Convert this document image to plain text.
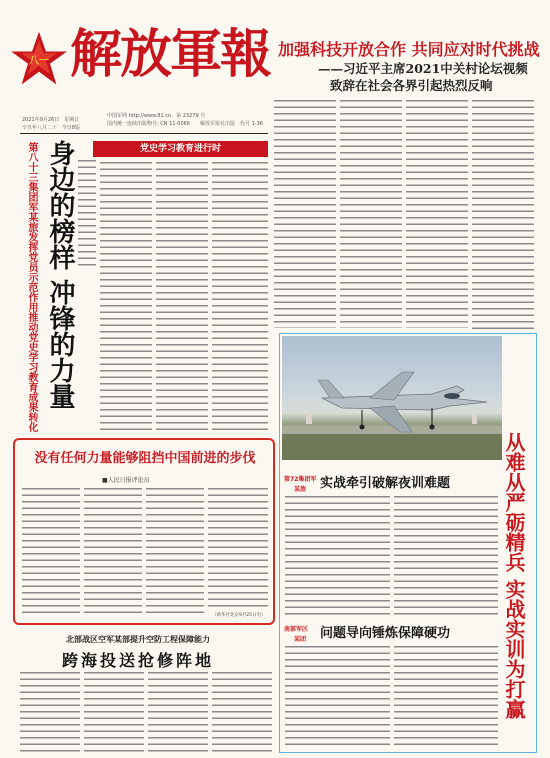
八一 解放軍報
2021年9月26日 星期日
辛丑年八月二十 今日8版
中国军网 http://www.81.cn　第 23279 号
国内统一连续出版物号: CN 11-0066 解放军报社出版　代号 1-36
加强科技开放合作 共同应对时代挑战
——习近平主席2021中关村论坛视频
致辞在社会各界引起热烈反响
党史学习教育进行时
身边的榜样 冲锋的力量
第八十三集团军某旅发挥党员示范作用推动党史学习教育成果转化
没有任何力量能够阻挡中国前进的步伐
■人民日报评论员
（新华社北京9月25日电）	从难从严砺精兵 实战实训为打赢
第72集团军
某旅 实战牵引破解夜训难题
南部军区
某团 问题导向锤炼保障硬功
北部战区空军某部提升空防工程保障能力
跨海投送抢修阵地
